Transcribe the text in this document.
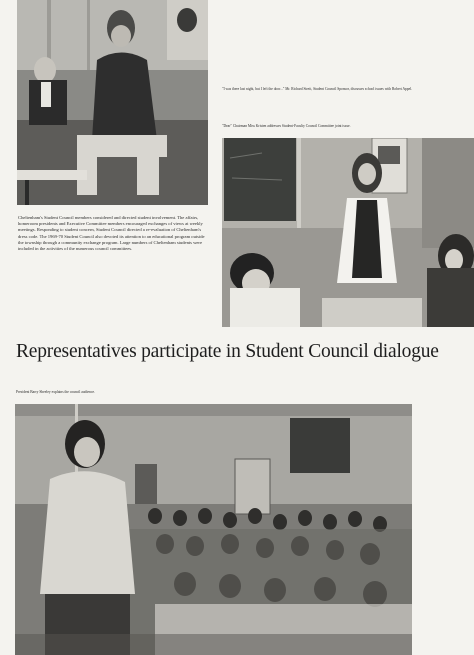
"I was there last night, but I left the door..." Mr. Richard Streit, Student Council Sponsor, discusses school issues with Robert Appel.
"Dear" Chairman Miss Kristen addresses Student-Faculty Council Committee joint issue.
Cheltenham's Student Council members considered and directed student involvement. The affairs, homeroom presidents and Executive Committee members encouraged exchanges of views at weekly meetings. Responding to student concern, Student Council directed a re-evaluation of Cheltenham's dress code. The 1969-70 Student Council also devoted its attention to an educational program outside the township through a community exchange program. Large numbers of Cheltenham students were included in the activities of the numerous council committees.
Representatives participate in Student Council dialogue
President Barry Sheeley explains the council audience.
